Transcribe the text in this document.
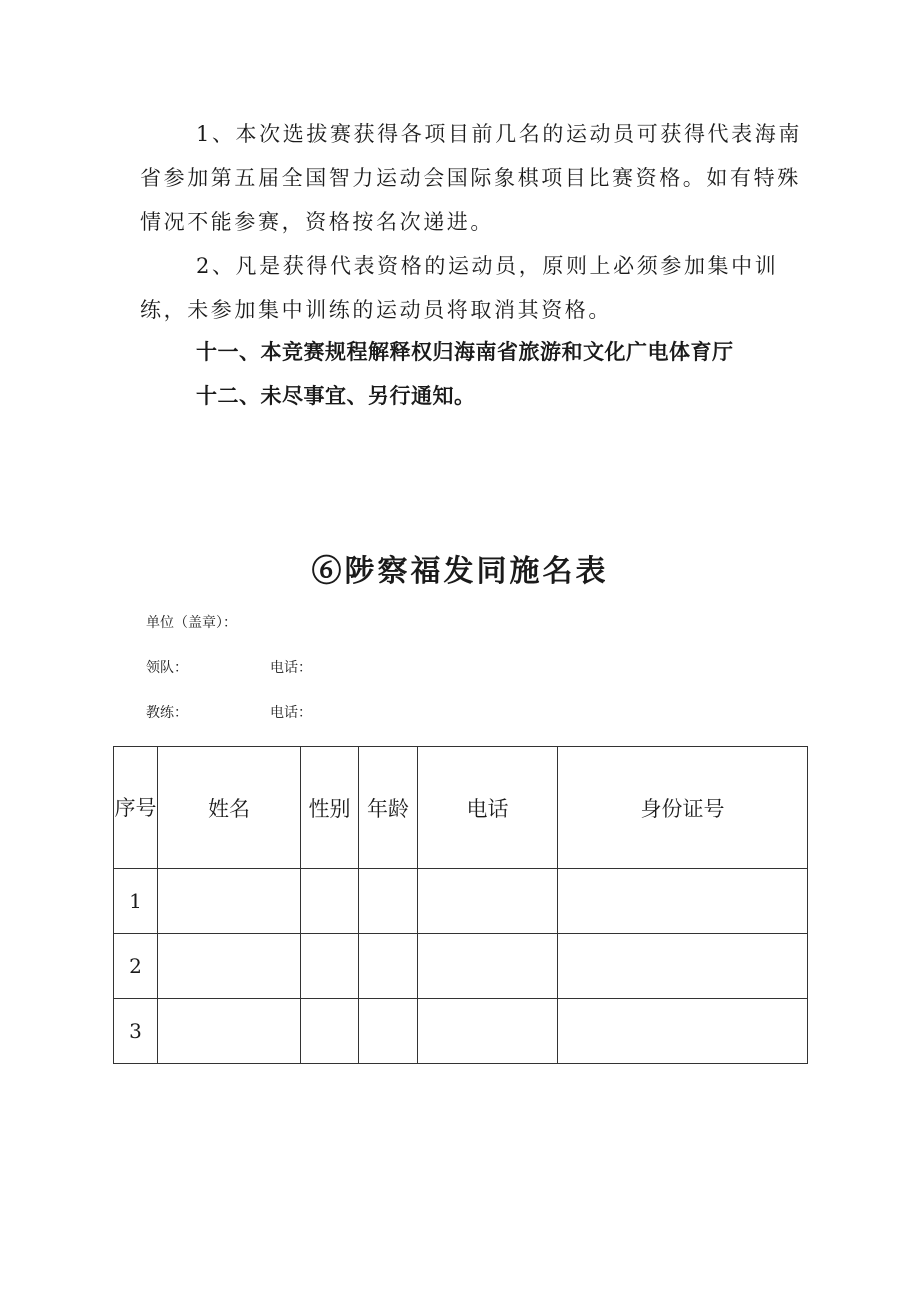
1、本次选拔赛获得各项目前几名的运动员可获得代表海南省参加第五届全国智力运动会国际象棋项目比赛资格。如有特殊情况不能参赛，资格按名次递进。

2、凡是获得代表资格的运动员，原则上必须参加集中训练，未参加集中训练的运动员将取消其资格。

十一、本竞赛规程解释权归海南省旅游和文化广电体育厅

十二、未尽事宜、另行通知。

⑥陟察福发同施名表

单位（盖章）：

领队：	电话：

教练：	电话：

序号	姓名	性别	年龄	电话	身份证号
1					
2					
3					
